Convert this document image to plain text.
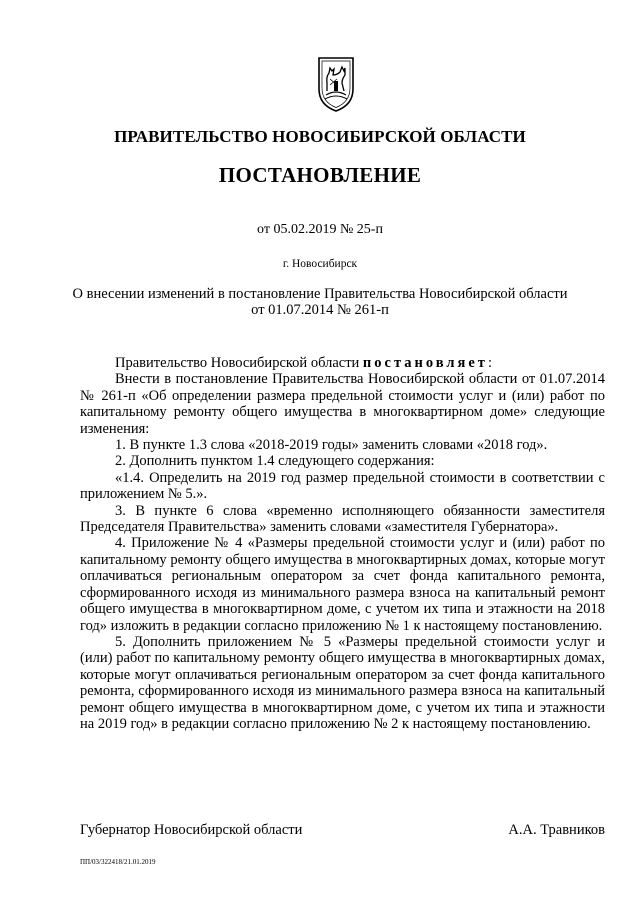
ПРАВИТЕЛЬСТВО НОВОСИБИРСКОЙ ОБЛАСТИ
ПОСТАНОВЛЕНИЕ
от 05.02.2019 № 25-п
г. Новосибирск
О внесении изменений в постановление Правительства Новосибирской области
от 01.07.2014 № 261-п

Правительство Новосибирской области постановляет:

Внести в постановление Правительства Новосибирской области от 01.07.2014 № 261-п «Об определении размера предельной стоимости услуг и (или) работ по капитальному ремонту общего имущества в многоквартирном доме» следующие изменения:

1. В пункте 1.3 слова «2018-2019 годы» заменить словами «2018 год».

2. Дополнить пунктом 1.4 следующего содержания:

«1.4. Определить на 2019 год размер предельной стоимости в соответствии с приложением № 5.».

3. В пункте 6 слова «временно исполняющего обязанности заместителя Председателя Правительства» заменить словами «заместителя Губернатора».

4. Приложение № 4 «Размеры предельной стоимости услуг и (или) работ по капитальному ремонту общего имущества в многоквартирных домах, которые могут оплачиваться региональным оператором за счет фонда капитального ремонта, сформированного исходя из минимального размера взноса на капитальный ремонт общего имущества в многоквартирном доме, с учетом их типа и этажности на 2018 год» изложить в редакции согласно приложению № 1 к настоящему постановлению.

5. Дополнить приложением № 5 «Размеры предельной стоимости услуг и (или) работ по капитальному ремонту общего имущества в многоквартирных домах, которые могут оплачиваться региональным оператором за счет фонда капитального ремонта, сформированного исходя из минимального размера взноса на капитальный ремонт общего имущества в многоквартирном доме, с учетом их типа и этажности на 2019 год» в редакции согласно приложению № 2 к настоящему постановлению.

Губернатор Новосибирской области	А.А. Травников
ПП/03/322418/21.01.2019
